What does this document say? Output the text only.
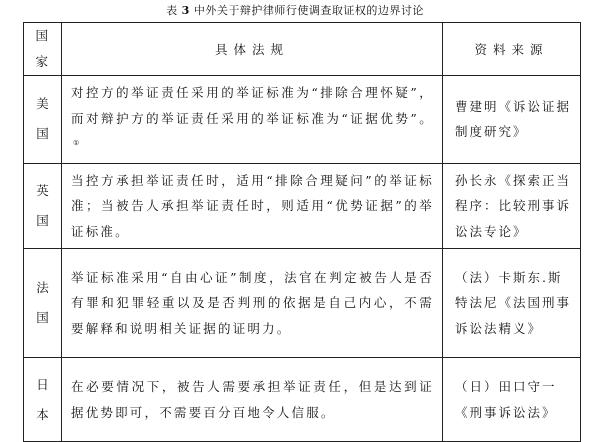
表 3 中外关于辩护律师行使调查取证权的边界讨论
国家	具体法规	资料来源

美国	对控方的举证责任采用的举证标准为“排除合理怀疑”，而对辩护方的举证责任采用的举证标准为“证据优势”。①	曹建明《诉讼证据制度研究》

英国	当控方承担举证责任时，适用“排除合理疑问”的举证标准；当被告人承担举证责任时，则适用“优势证据”的举证标准。	孙长永《探索正当程序：比较刑事诉讼法专论》

法国	举证标准采用“自由心证”制度，法官在判定被告人是否有罪和犯罪轻重以及是否判刑的依据是自己内心，不需要解释和说明相关证据的证明力。	（法）卡斯东.斯特法尼《法国刑事诉讼法精义》

日本	在必要情况下，被告人需要承担举证责任，但是达到证据优势即可，不需要百分百地令人信服。	（日）田口守一《刑事诉讼法》
